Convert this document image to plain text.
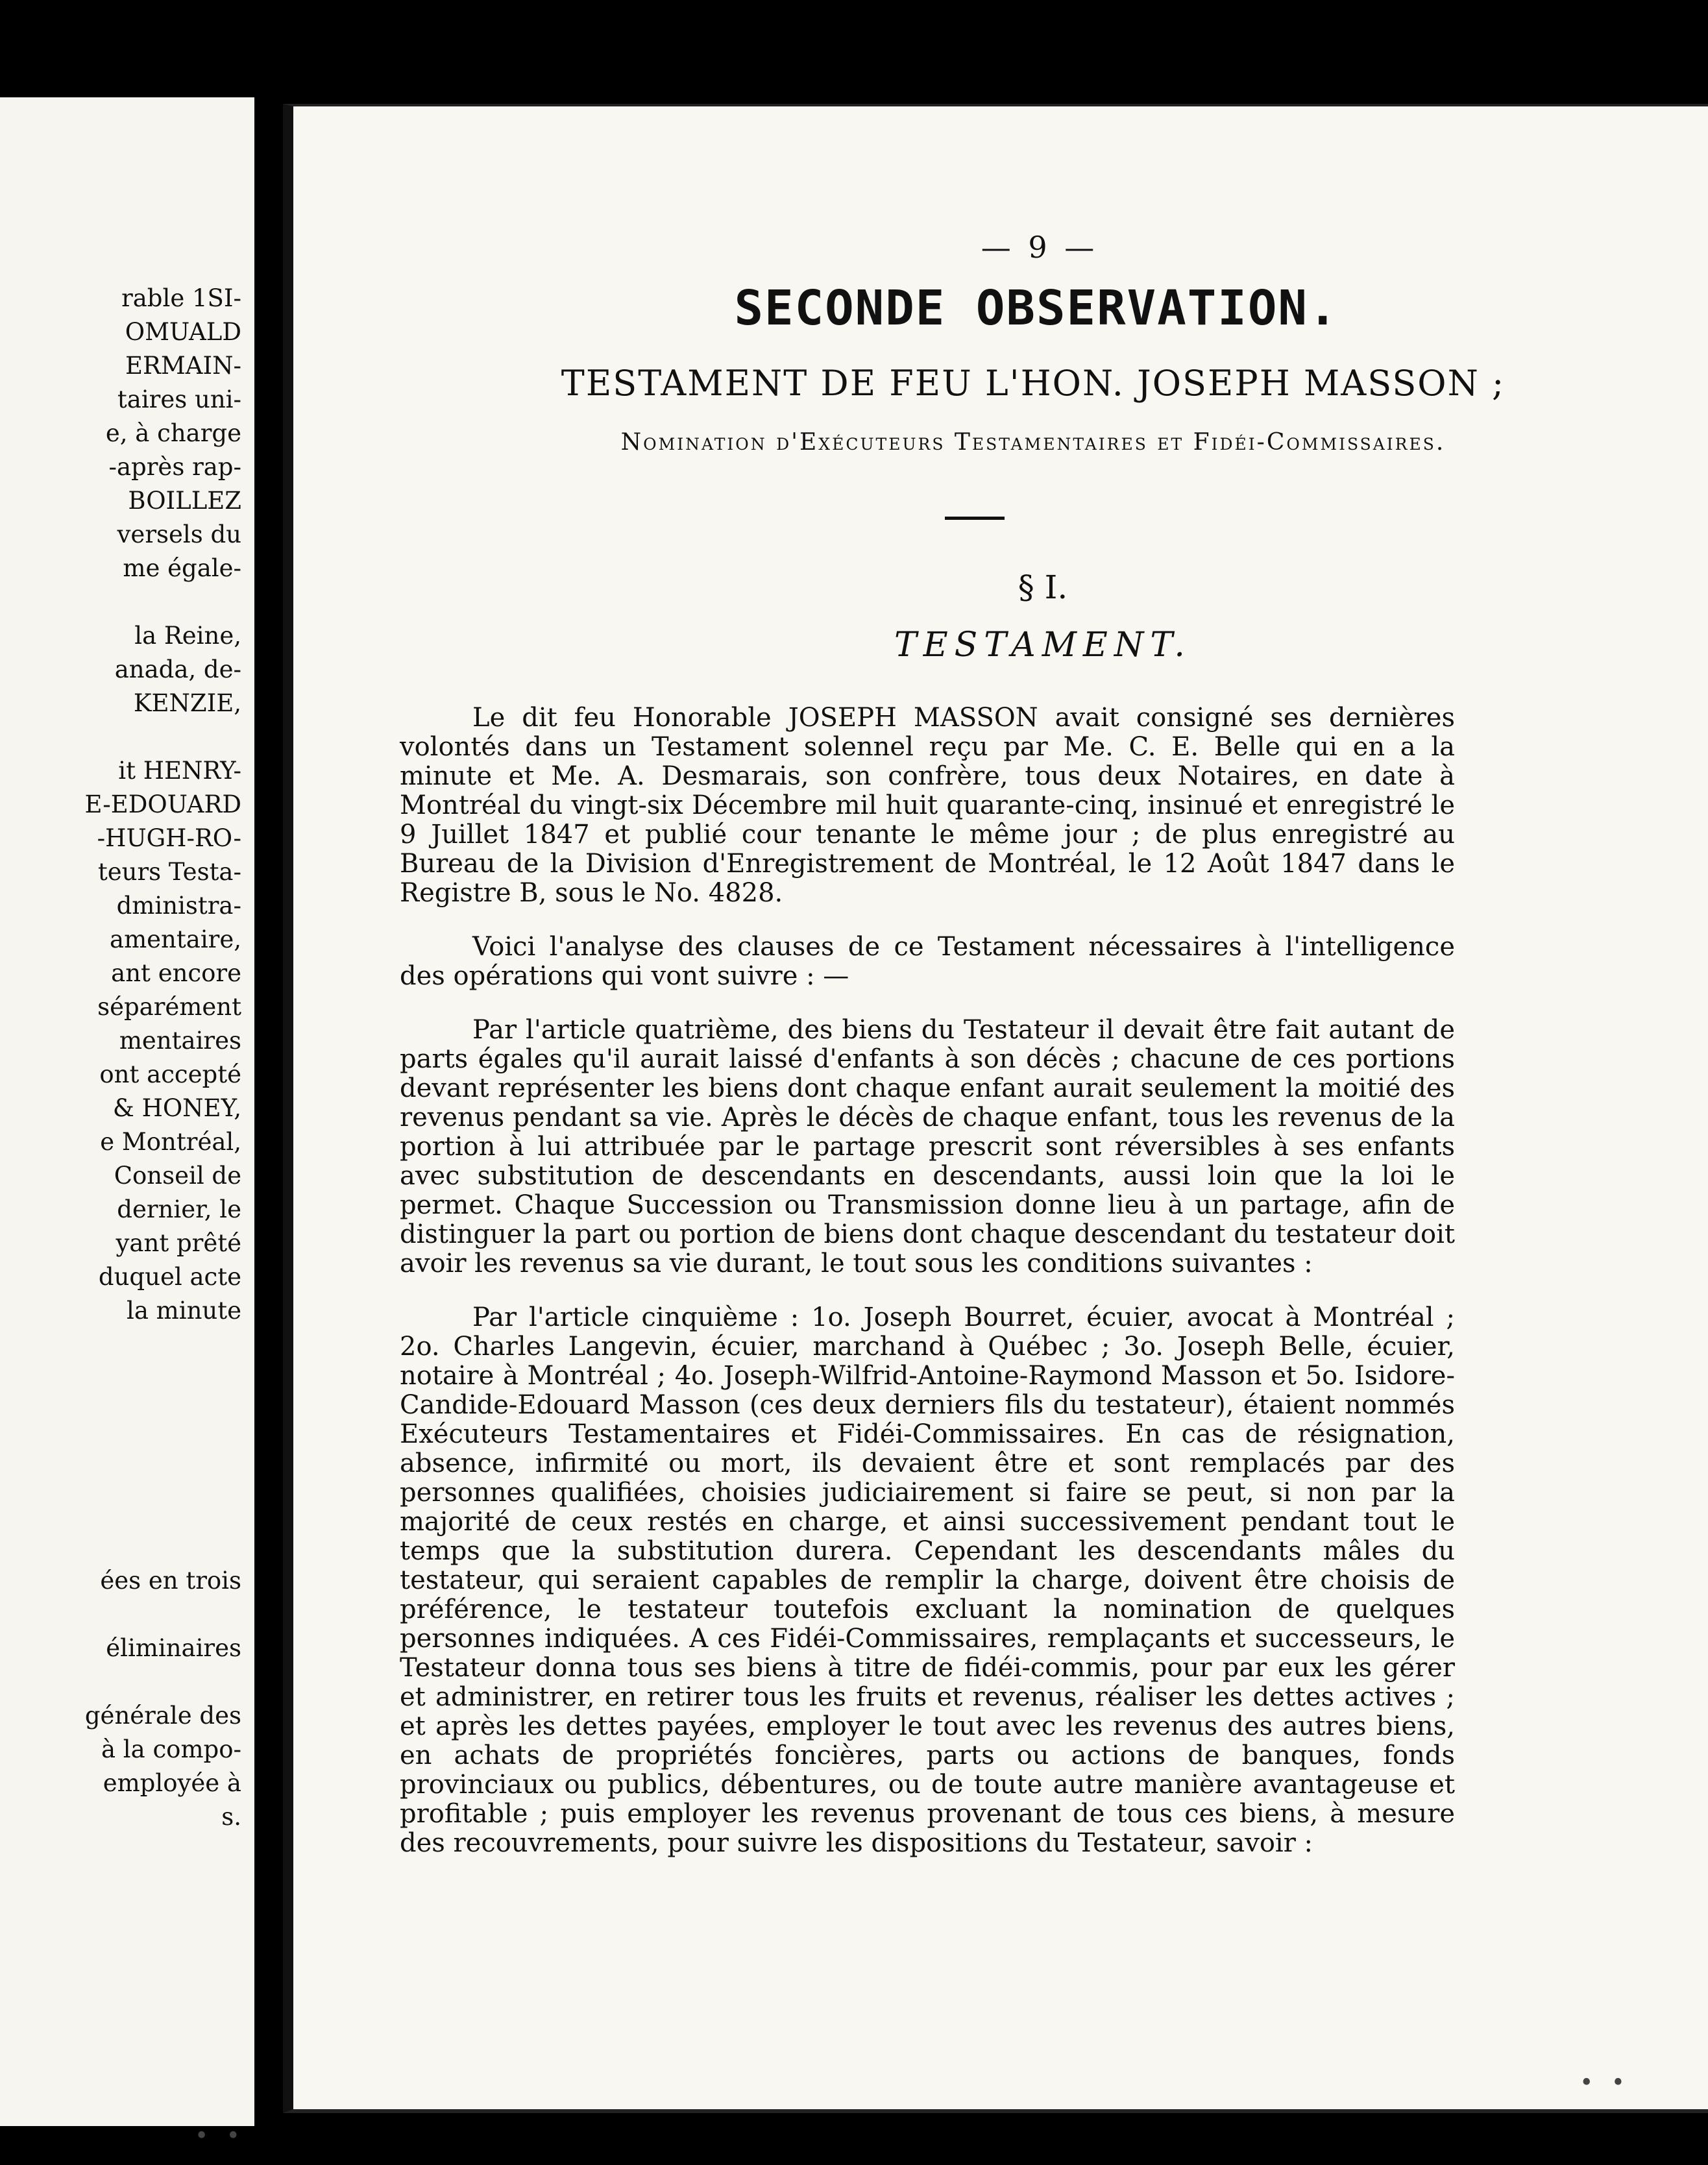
rable 1SI-
OMUALD
ERMAIN-
taires uni-
e, à charge
-après rap-
BOILLEZ
versels du
me égale-
la Reine,
anada, de-
KENZIE,
it HENRY-
E-EDOUARD
-HUGH-RO-
teurs Testa-
dministra-
amentaire,
ant encore
séparément
mentaires
ont accepté
& HONEY,
e Montréal,
Conseil de
dernier, le
yant prêté
duquel acte
la minute
ées en trois
éliminaires
générale des
à la compo-
employée à
s.
— 9 —
SECONDE OBSERVATION.
TESTAMENT DE FEU L'HON. JOSEPH MASSON ;
Nomination d'Exécuteurs Testamentaires et Fidéi-Commissaires.
§ I.
TESTAMENT.

Le dit feu Honorable JOSEPH MASSON avait consigné ses dernières volontés dans un Testament solennel reçu par Me. C. E. Belle qui en a la minute et Me. A. Desmarais, son confrère, tous deux Notaires, en date à Montréal du vingt-six Décembre mil huit quarante-cinq, insinué et enregistré le 9 Juillet 1847 et publié cour tenante le même jour ; de plus enregistré au Bureau de la Division d'Enregistrement de Montréal, le 12 Août 1847 dans le Registre B, sous le No. 4828.

Voici l'analyse des clauses de ce Testament nécessaires à l'intelligence des opérations qui vont suivre : —

Par l'article quatrième, des biens du Testateur il devait être fait autant de parts égales qu'il aurait laissé d'enfants à son décès ; chacune de ces portions devant représenter les biens dont chaque enfant aurait seulement la moitié des revenus pendant sa vie. Après le décès de chaque enfant, tous les revenus de la portion à lui attribuée par le partage prescrit sont réversibles à ses enfants avec substitution de descendants en descendants, aussi loin que la loi le permet. Chaque Succession ou Transmission donne lieu à un partage, afin de distinguer la part ou portion de biens dont chaque descendant du testateur doit avoir les revenus sa vie durant, le tout sous les conditions suivantes :

Par l'article cinquième : 1o. Joseph Bourret, écuier, avocat à Montréal ; 2o. Charles Langevin, écuier, marchand à Québec ; 3o. Joseph Belle, écuier, notaire à Montréal ; 4o. Joseph-Wilfrid-Antoine-Raymond Masson et 5o. Isidore-Candide-Edouard Masson (ces deux derniers fils du testateur), étaient nommés Exécuteurs Testamentaires et Fidéi-Commissaires. En cas de résignation, absence, infirmité ou mort, ils devaient être et sont remplacés par des personnes qualifiées, choisies judiciairement si faire se peut, si non par la majorité de ceux restés en charge, et ainsi successivement pendant tout le temps que la substitution durera. Cependant les descendants mâles du testateur, qui seraient capables de remplir la charge, doivent être choisis de préférence, le testateur toutefois excluant la nomination de quelques personnes indiquées. A ces Fidéi-Commissaires, remplaçants et successeurs, le Testateur donna tous ses biens à titre de fidéi-commis, pour par eux les gérer et administrer, en retirer tous les fruits et revenus, réaliser les dettes actives ; et après les dettes payées, employer le tout avec les revenus des autres biens, en achats de propriétés foncières, parts ou actions de banques, fonds provinciaux ou publics, débentures, ou de toute autre manière avantageuse et profitable ; puis employer les revenus provenant de tous ces biens, à mesure des recouvrements, pour suivre les dispositions du Testateur, savoir :

• •
• •
